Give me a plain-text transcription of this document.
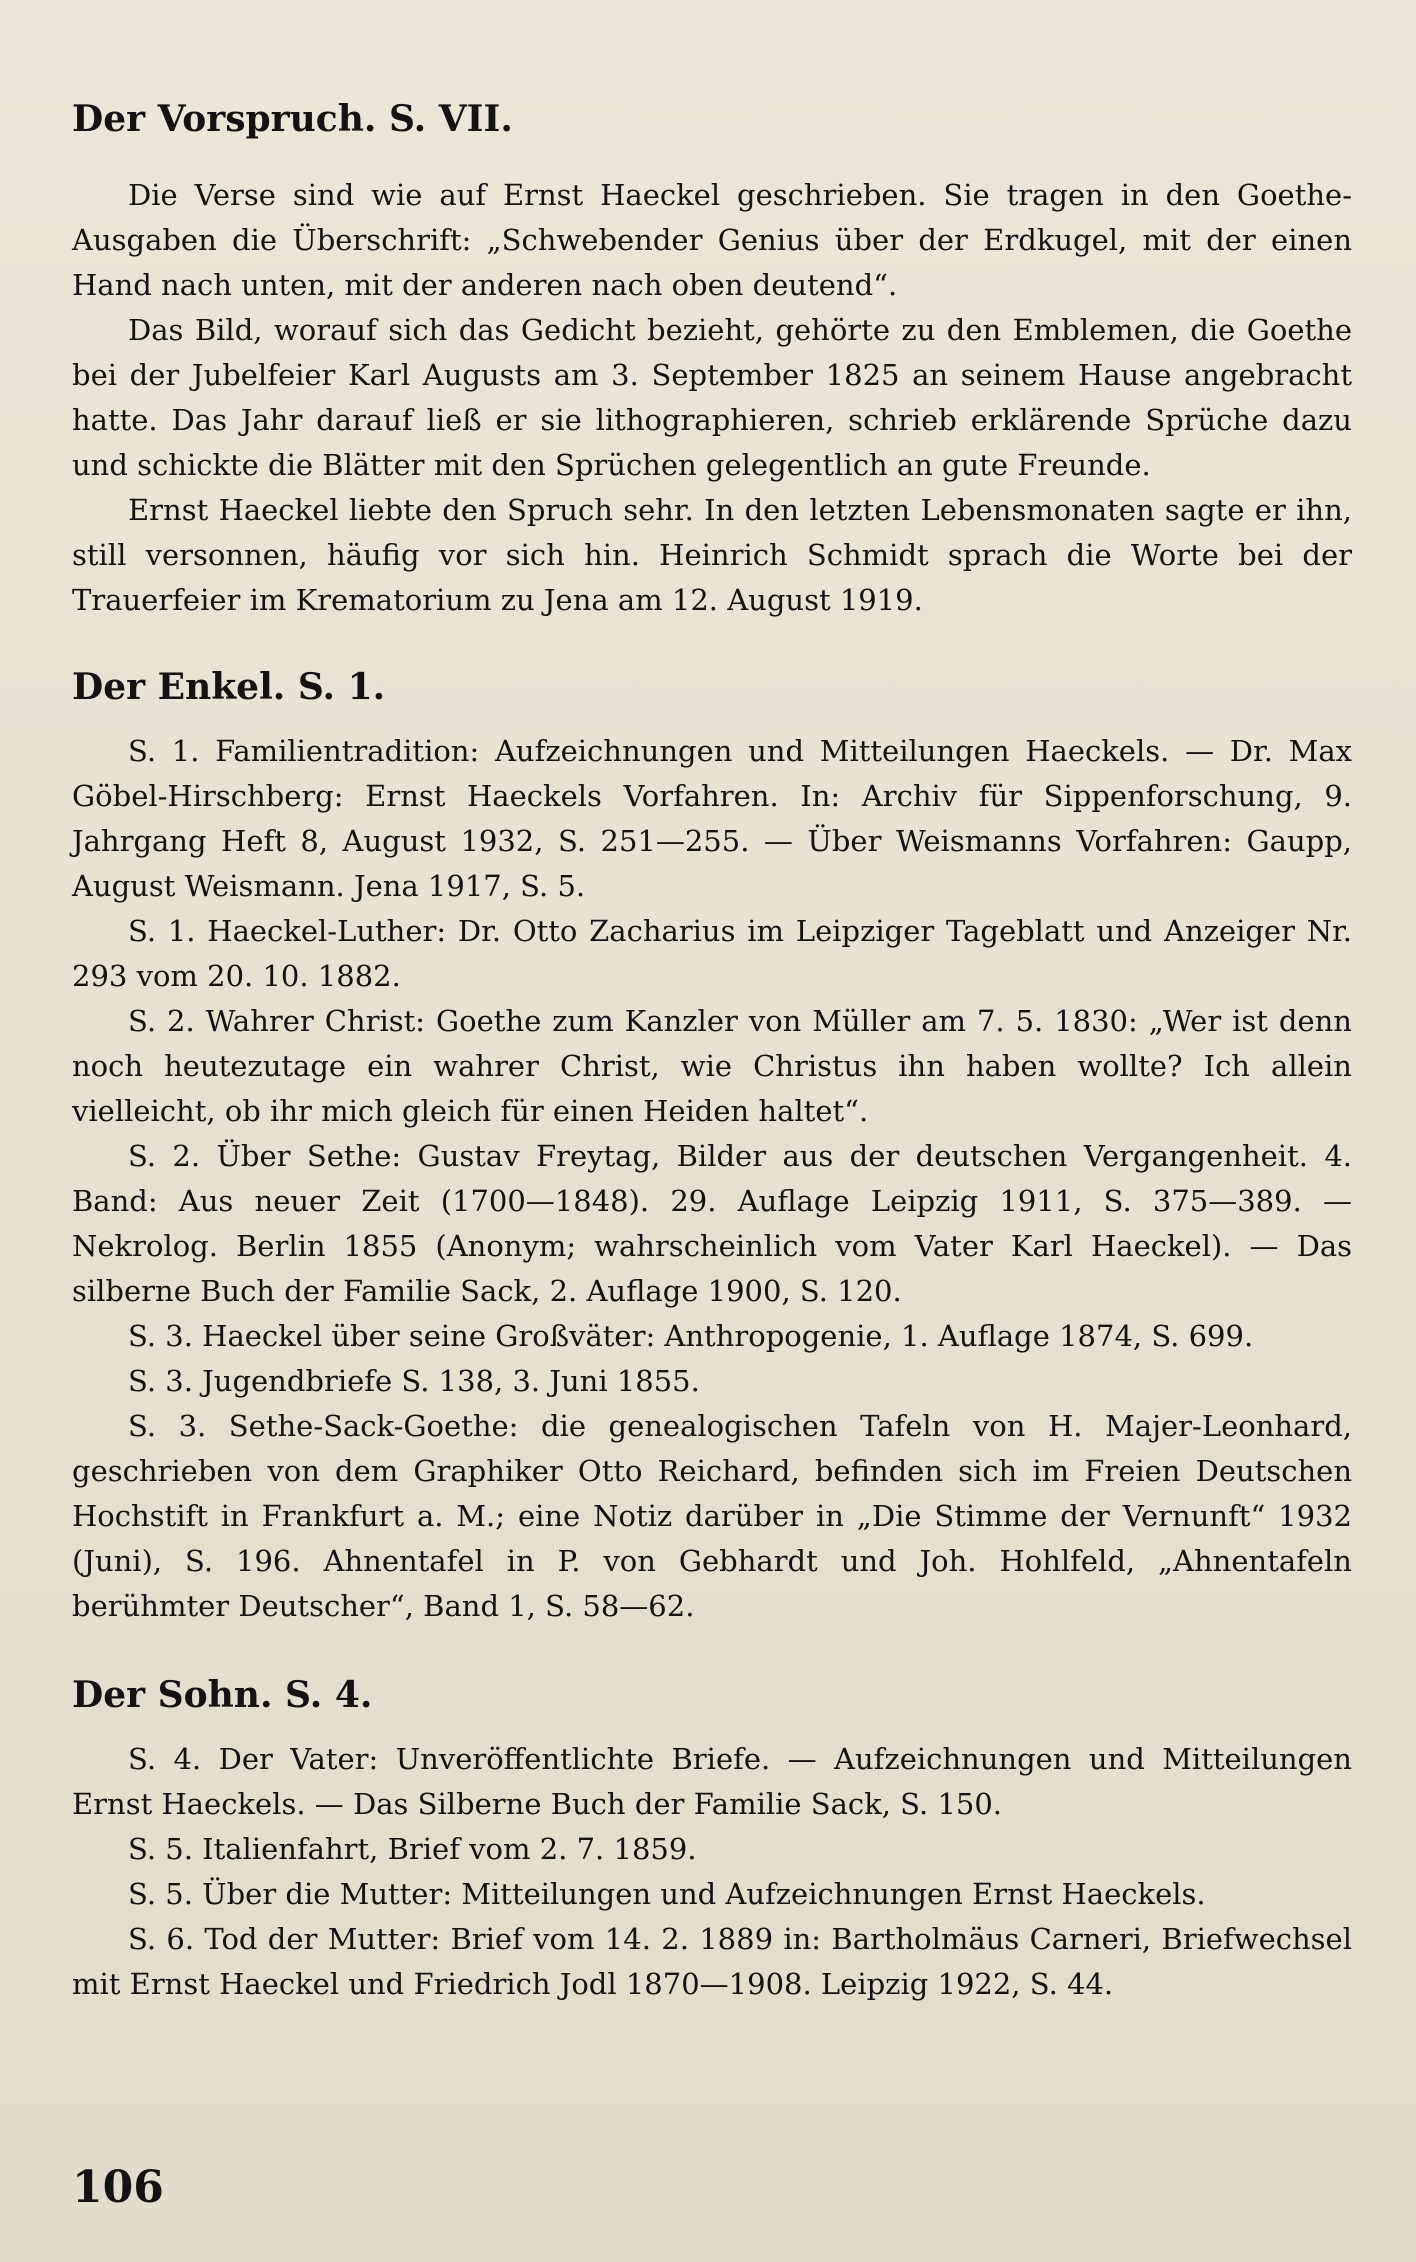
Der Vorspruch. S. VII.

Die Verse sind wie auf Ernst Haeckel geschrieben. Sie tragen in den Goethe-Ausgaben die Überschrift: „Schwebender Genius über der Erdkugel, mit der einen Hand nach unten, mit der anderen nach oben deutend“.

Das Bild, worauf sich das Gedicht bezieht, gehörte zu den Emblemen, die Goethe bei der Jubelfeier Karl Augusts am 3. September 1825 an seinem Hause angebracht hatte. Das Jahr darauf ließ er sie lithographieren, schrieb erklärende Sprüche dazu und schickte die Blätter mit den Sprüchen gelegentlich an gute Freunde.

Ernst Haeckel liebte den Spruch sehr. In den letzten Lebensmonaten sagte er ihn, still versonnen, häufig vor sich hin. Heinrich Schmidt sprach die Worte bei der Trauerfeier im Krematorium zu Jena am 12. August 1919.

Der Enkel. S. 1.

S. 1. Familientradition: Aufzeichnungen und Mitteilungen Haeckels. — Dr. Max Göbel-Hirschberg: Ernst Haeckels Vorfahren. In: Archiv für Sippenforschung, 9. Jahrgang Heft 8, August 1932, S. 251—255. — Über Weismanns Vorfahren: Gaupp, August Weismann. Jena 1917, S. 5.

S. 1. Haeckel-Luther: Dr. Otto Zacharius im Leipziger Tageblatt und Anzeiger Nr. 293 vom 20. 10. 1882.

S. 2. Wahrer Christ: Goethe zum Kanzler von Müller am 7. 5. 1830: „Wer ist denn noch heutezutage ein wahrer Christ, wie Christus ihn haben wollte? Ich allein vielleicht, ob ihr mich gleich für einen Heiden haltet“.

S. 2. Über Sethe: Gustav Freytag, Bilder aus der deutschen Vergangenheit. 4. Band: Aus neuer Zeit (1700—1848). 29. Auflage Leipzig 1911, S. 375—389. — Nekrolog. Berlin 1855 (Anonym; wahrscheinlich vom Vater Karl Haeckel). — Das silberne Buch der Familie Sack, 2. Auflage 1900, S. 120.

S. 3. Haeckel über seine Großväter: Anthropogenie, 1. Auflage 1874, S. 699.

S. 3. Jugendbriefe S. 138, 3. Juni 1855.

S. 3. Sethe-Sack-Goethe: die genealogischen Tafeln von H. Majer-Leonhard, geschrieben von dem Graphiker Otto Reichard, befinden sich im Freien Deutschen Hochstift in Frankfurt a. M.; eine Notiz darüber in „Die Stimme der Vernunft“ 1932 (Juni), S. 196. Ahnentafel in P. von Gebhardt und Joh. Hohlfeld, „Ahnentafeln berühmter Deutscher“, Band 1, S. 58—62.

Der Sohn. S. 4.

S. 4. Der Vater: Unveröffentlichte Briefe. — Aufzeichnungen und Mitteilungen Ernst Haeckels. — Das Silberne Buch der Familie Sack, S. 150.

S. 5. Italienfahrt, Brief vom 2. 7. 1859.

S. 5. Über die Mutter: Mitteilungen und Aufzeichnungen Ernst Haeckels.

S. 6. Tod der Mutter: Brief vom 14. 2. 1889 in: Bartholmäus Carneri, Briefwechsel mit Ernst Haeckel und Friedrich Jodl 1870—1908. Leipzig 1922, S. 44.

106
